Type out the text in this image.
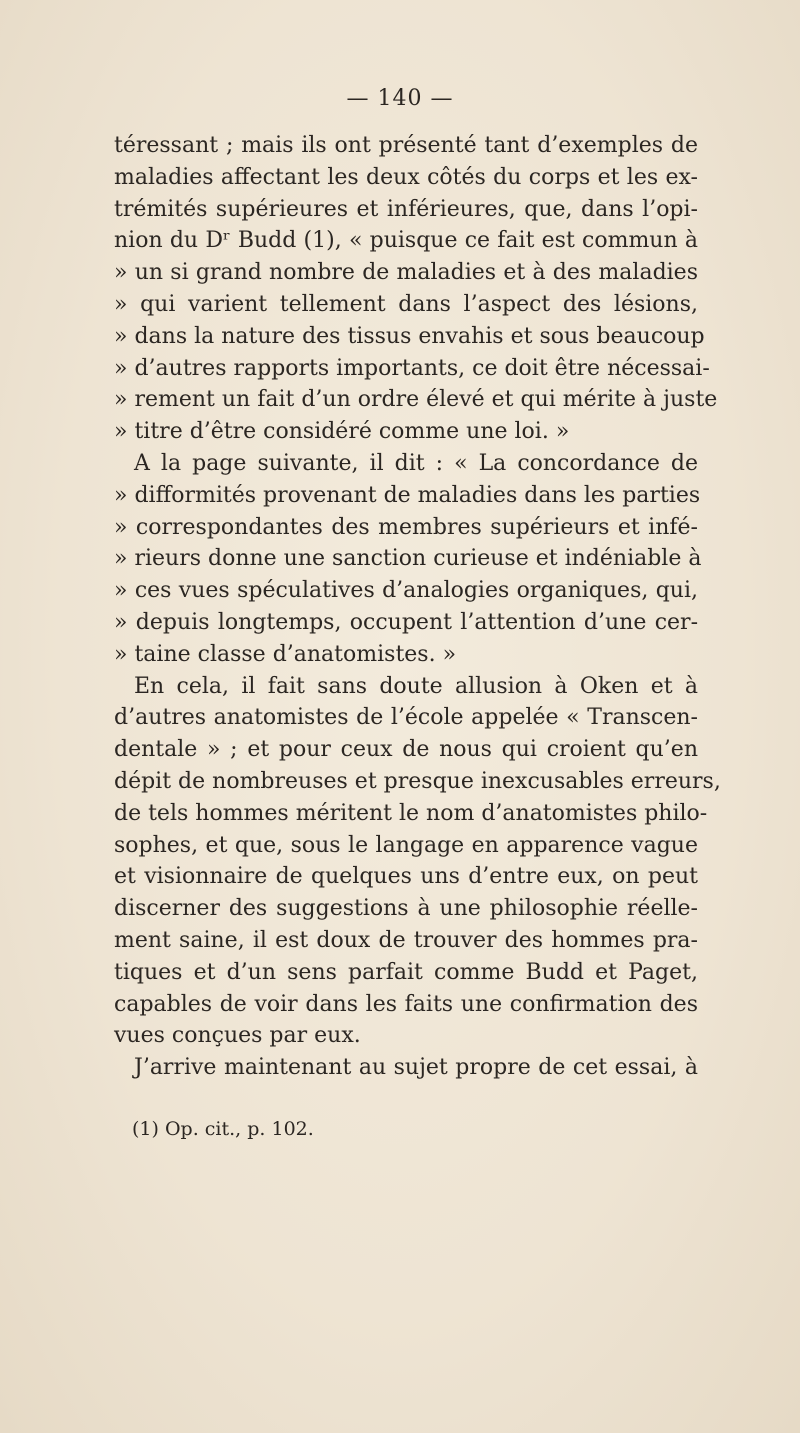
— 140 —
téressant ; mais ils ont présenté tant d’exemples de
maladies affectant les deux côtés du corps et les ex-
trémités supérieures et inférieures, que, dans l’opi-
nion du Dʳ Budd (1), « puisque ce fait est commun à
» un si grand nombre de maladies et à des maladies
» qui varient tellement dans l’aspect des lésions,
» dans la nature des tissus envahis et sous beaucoup
» d’autres rapports importants, ce doit être nécessai-
» rement un fait d’un ordre élevé et qui mérite à juste
» titre d’être considéré comme une loi. »
A la page suivante, il dit : « La concordance de
» difformités provenant de maladies dans les parties
» correspondantes des membres supérieurs et infé-
» rieurs donne une sanction curieuse et indéniable à
» ces vues spéculatives d’analogies organiques, qui,
» depuis longtemps, occupent l’attention d’une cer-
» taine classe d’anatomistes. »
En cela, il fait sans doute allusion à Oken et à
d’autres anatomistes de l’école appelée « Transcen-
dentale » ; et pour ceux de nous qui croient qu’en
dépit de nombreuses et presque inexcusables erreurs,
de tels hommes méritent le nom d’anatomistes philo-
sophes, et que, sous le langage en apparence vague
et visionnaire de quelques uns d’entre eux, on peut
discerner des suggestions à une philosophie réelle-
ment saine, il est doux de trouver des hommes pra-
tiques et d’un sens parfait comme Budd et Paget,
capables de voir dans les faits une confirmation des
vues conçues par eux.
J’arrive maintenant au sujet propre de cet essai, à
(1) Op. cit., p. 102.
